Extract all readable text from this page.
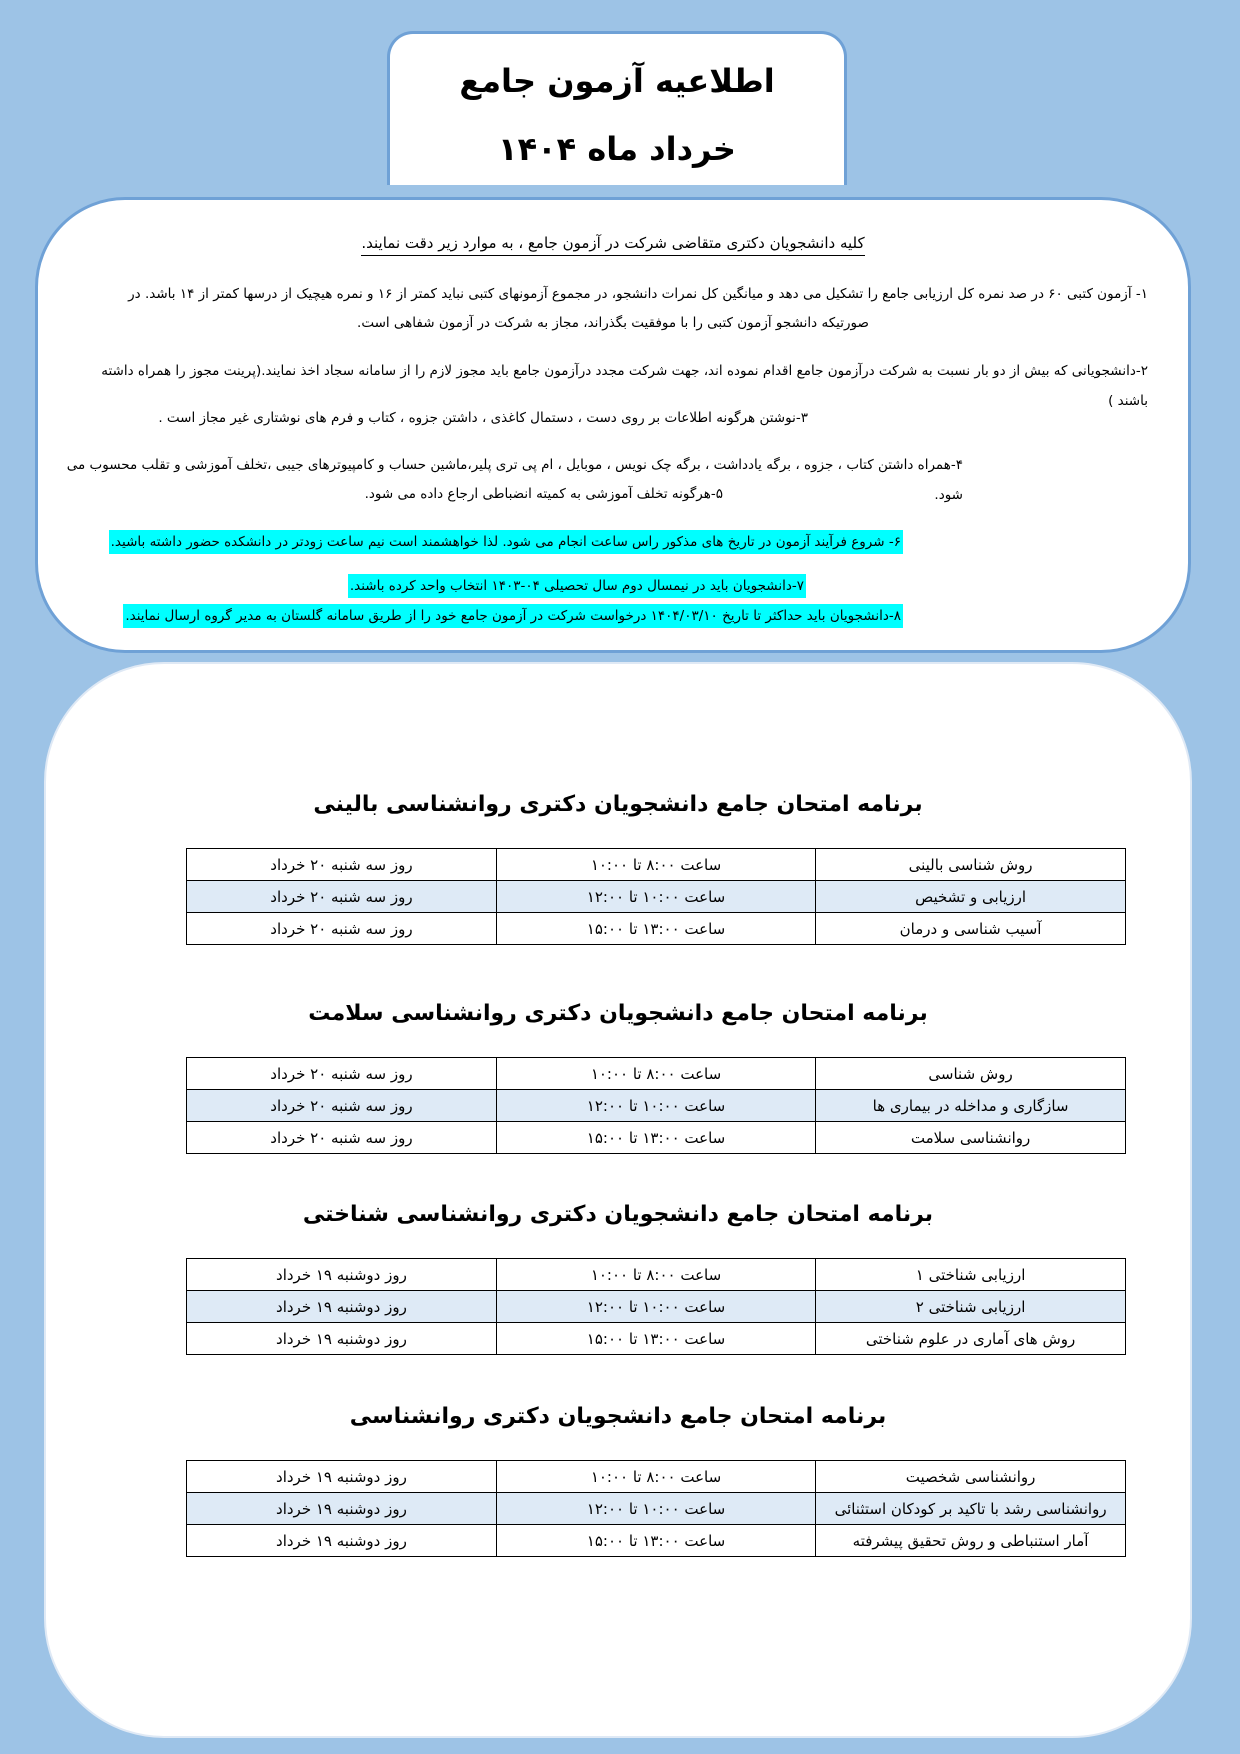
اطلاعیه آزمون جامع
خرداد ماه ۱۴۰۴
کلیه دانشجویان دکتری متقاضی شرکت در آزمون جامع ، به موارد زیر دقت نمایند.
۱- آزمون کتبی ۶۰ در صد نمره کل ارزیابی جامع را تشکیل می دهد و میانگین کل نمرات دانشجو، در مجموع آزمونهای کتبی نباید کمتر از ۱۶ و نمره هیچیک از درسها کمتر از ۱۴ باشد. در
صورتیکه دانشجو آزمون کتبی را با موفقیت بگذراند، مجاز به شرکت در آزمون شفاهی است.
۲-دانشجویانی که بیش از دو بار نسبت به شرکت درآزمون جامع اقدام نموده اند، جهت شرکت مجدد درآزمون جامع باید مجوز لازم را از سامانه سجاد اخذ نمایند.(پرینت مجوز را همراه داشته باشند )
۳-نوشتن هرگونه اطلاعات بر روی دست ، دستمال کاغذی ، داشتن جزوه ، کتاب و فرم های نوشتاری غیر مجاز است .
۴-همراه داشتن کتاب ، جزوه ، برگه یادداشت ، برگه چک نویس ، موبایل ، ام پی تری پلیر،ماشین حساب و کامپیوترهای جیبی ،تخلف آموزشی و تقلب محسوب می شود.
۵-هرگونه تخلف آموزشی به کمیته انضباطی ارجاع داده می شود.
۶- شروع فرآیند آزمون در تاریخ های مذکور راس ساعت انجام می شود. لذا خواهشمند است نیم ساعت زودتر در دانشکده حضور داشته باشید.
۷-دانشجویان باید در نیمسال دوم سال تحصیلی ۰۴-۱۴۰۳ انتخاب واحد کرده باشند.
۸-دانشجویان باید حداکثر تا تاریخ ۱۴۰۴/۰۳/۱۰ درخواست شرکت در آزمون جامع خود را از طریق سامانه گلستان به مدیر گروه ارسال نمایند.
برنامه امتحان جامع دانشجویان دکتری روانشناسی بالینی
روش شناسی بالینی	ساعت ۸:۰۰ تا ۱۰:۰۰	روز سه شنبه ۲۰ خرداد
ارزیابی و تشخیص	ساعت ۱۰:۰۰ تا ۱۲:۰۰	روز سه شنبه ۲۰ خرداد
آسیب شناسی و درمان	ساعت ۱۳:۰۰ تا ۱۵:۰۰	روز سه شنبه ۲۰ خرداد
برنامه امتحان جامع دانشجویان دکتری روانشناسی سلامت
روش شناسی	ساعت ۸:۰۰ تا ۱۰:۰۰	روز سه شنبه ۲۰ خرداد
سازگاری و مداخله در بیماری ها	ساعت ۱۰:۰۰ تا ۱۲:۰۰	روز سه شنبه ۲۰ خرداد
روانشناسی سلامت	ساعت ۱۳:۰۰ تا ۱۵:۰۰	روز سه شنبه ۲۰ خرداد
برنامه امتحان جامع دانشجویان دکتری روانشناسی شناختی
ارزیابی شناختی ۱	ساعت ۸:۰۰ تا ۱۰:۰۰	روز دوشنبه ۱۹ خرداد
ارزیابی شناختی ۲	ساعت ۱۰:۰۰ تا ۱۲:۰۰	روز دوشنبه ۱۹ خرداد
روش های آماری در علوم شناختی	ساعت ۱۳:۰۰ تا ۱۵:۰۰	روز دوشنبه ۱۹ خرداد
برنامه امتحان جامع دانشجویان دکتری روانشناسی
روانشناسی شخصیت	ساعت ۸:۰۰ تا ۱۰:۰۰	روز دوشنبه ۱۹ خرداد
روانشناسی رشد با تاکید بر کودکان استثنائی	ساعت ۱۰:۰۰ تا ۱۲:۰۰	روز دوشنبه ۱۹ خرداد
آمار استنباطی و روش تحقیق پیشرفته	ساعت ۱۳:۰۰ تا ۱۵:۰۰	روز دوشنبه ۱۹ خرداد
